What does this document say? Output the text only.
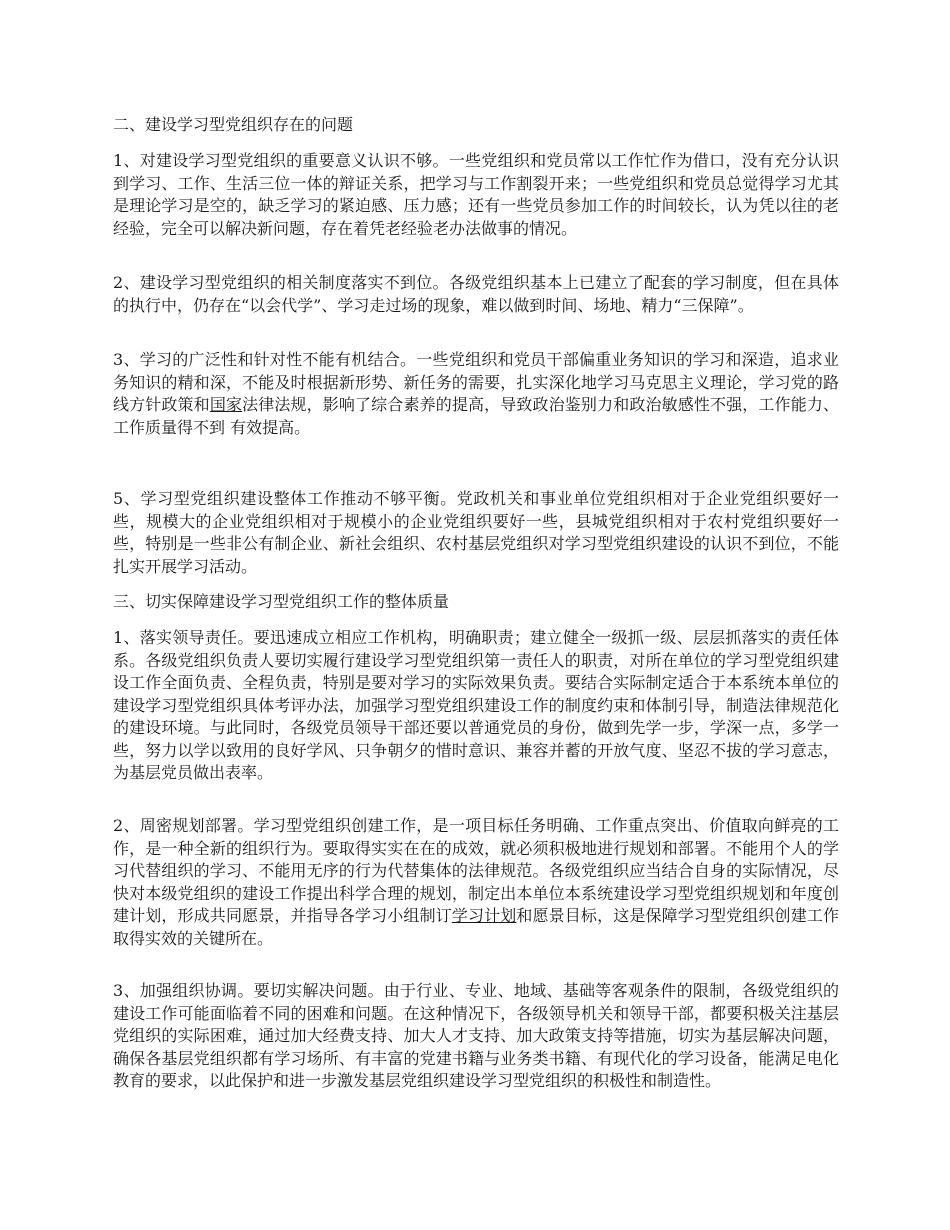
二、建设学习型党组织存在的问题

1、对建设学习型党组织的重要意义认识不够。一些党组织和党员常以工作忙作为借口，没有充分认识到学习、工作、生活三位一体的辩证关系，把学习与工作割裂开来；一些党组织和党员总觉得学习尤其是理论学习是空的，缺乏学习的紧迫感、压力感；还有一些党员参加工作的时间较长，认为凭以往的老经验，完全可以解决新问题，存在着凭老经验老办法做事的情况。

2、建设学习型党组织的相关制度落实不到位。各级党组织基本上已建立了配套的学习制度，但在具体的执行中，仍存在“以会代学”、学习走过场的现象，难以做到时间、场地、精力“三保障”。

3、学习的广泛性和针对性不能有机结合。一些党组织和党员干部偏重业务知识的学习和深造，追求业务知识的精和深，不能及时根据新形势、新任务的需要，扎实深化地学习马克思主义理论，学习党的路线方针政策和国家法律法规，影响了综合素养的提高，导致政治鉴别力和政治敏感性不强，工作能力、工作质量得不到 有效提高。

5、学习型党组织建设整体工作推动不够平衡。党政机关和事业单位党组织相对于企业党组织要好一些，规模大的企业党组织相对于规模小的企业党组织要好一些，县城党组织相对于农村党组织要好一些，特别是一些非公有制企业、新社会组织、农村基层党组织对学习型党组织建设的认识不到位，不能扎实开展学习活动。

三、切实保障建设学习型党组织工作的整体质量

1、落实领导责任。要迅速成立相应工作机构，明确职责；建立健全一级抓一级、层层抓落实的责任体系。各级党组织负责人要切实履行建设学习型党组织第一责任人的职责，对所在单位的学习型党组织建设工作全面负责、全程负责，特别是要对学习的实际效果负责。要结合实际制定适合于本系统本单位的建设学习型党组织具体考评办法，加强学习型党组织建设工作的制度约束和体制引导，制造法律规范化的建设环境。与此同时，各级党员领导干部还要以普通党员的身份，做到先学一步，学深一点，多学一些，努力以学以致用的良好学风、只争朝夕的惜时意识、兼容并蓄的开放气度、坚忍不拔的学习意志，为基层党员做出表率。

2、周密规划部署。学习型党组织创建工作，是一项目标任务明确、工作重点突出、价值取向鲜亮的工作，是一种全新的组织行为。要取得实实在在的成效，就必须积极地进行规划和部署。不能用个人的学习代替组织的学习、不能用无序的行为代替集体的法律规范。各级党组织应当结合自身的实际情况，尽快对本级党组织的建设工作提出科学合理的规划，制定出本单位本系统建设学习型党组织规划和年度创建计划，形成共同愿景，并指导各学习小组制订学习计划和愿景目标，这是保障学习型党组织创建工作取得实效的关键所在。

3、加强组织协调。要切实解决问题。由于行业、专业、地域、基础等客观条件的限制，各级党组织的建设工作可能面临着不同的困难和问题。在这种情况下，各级领导机关和领导干部，都要积极关注基层党组织的实际困难，通过加大经费支持、加大人才支持、加大政策支持等措施，切实为基层解决问题，确保各基层党组织都有学习场所、有丰富的党建书籍与业务类书籍、有现代化的学习设备，能满足电化教育的要求，以此保护和进一步激发基层党组织建设学习型党组织的积极性和制造性。
